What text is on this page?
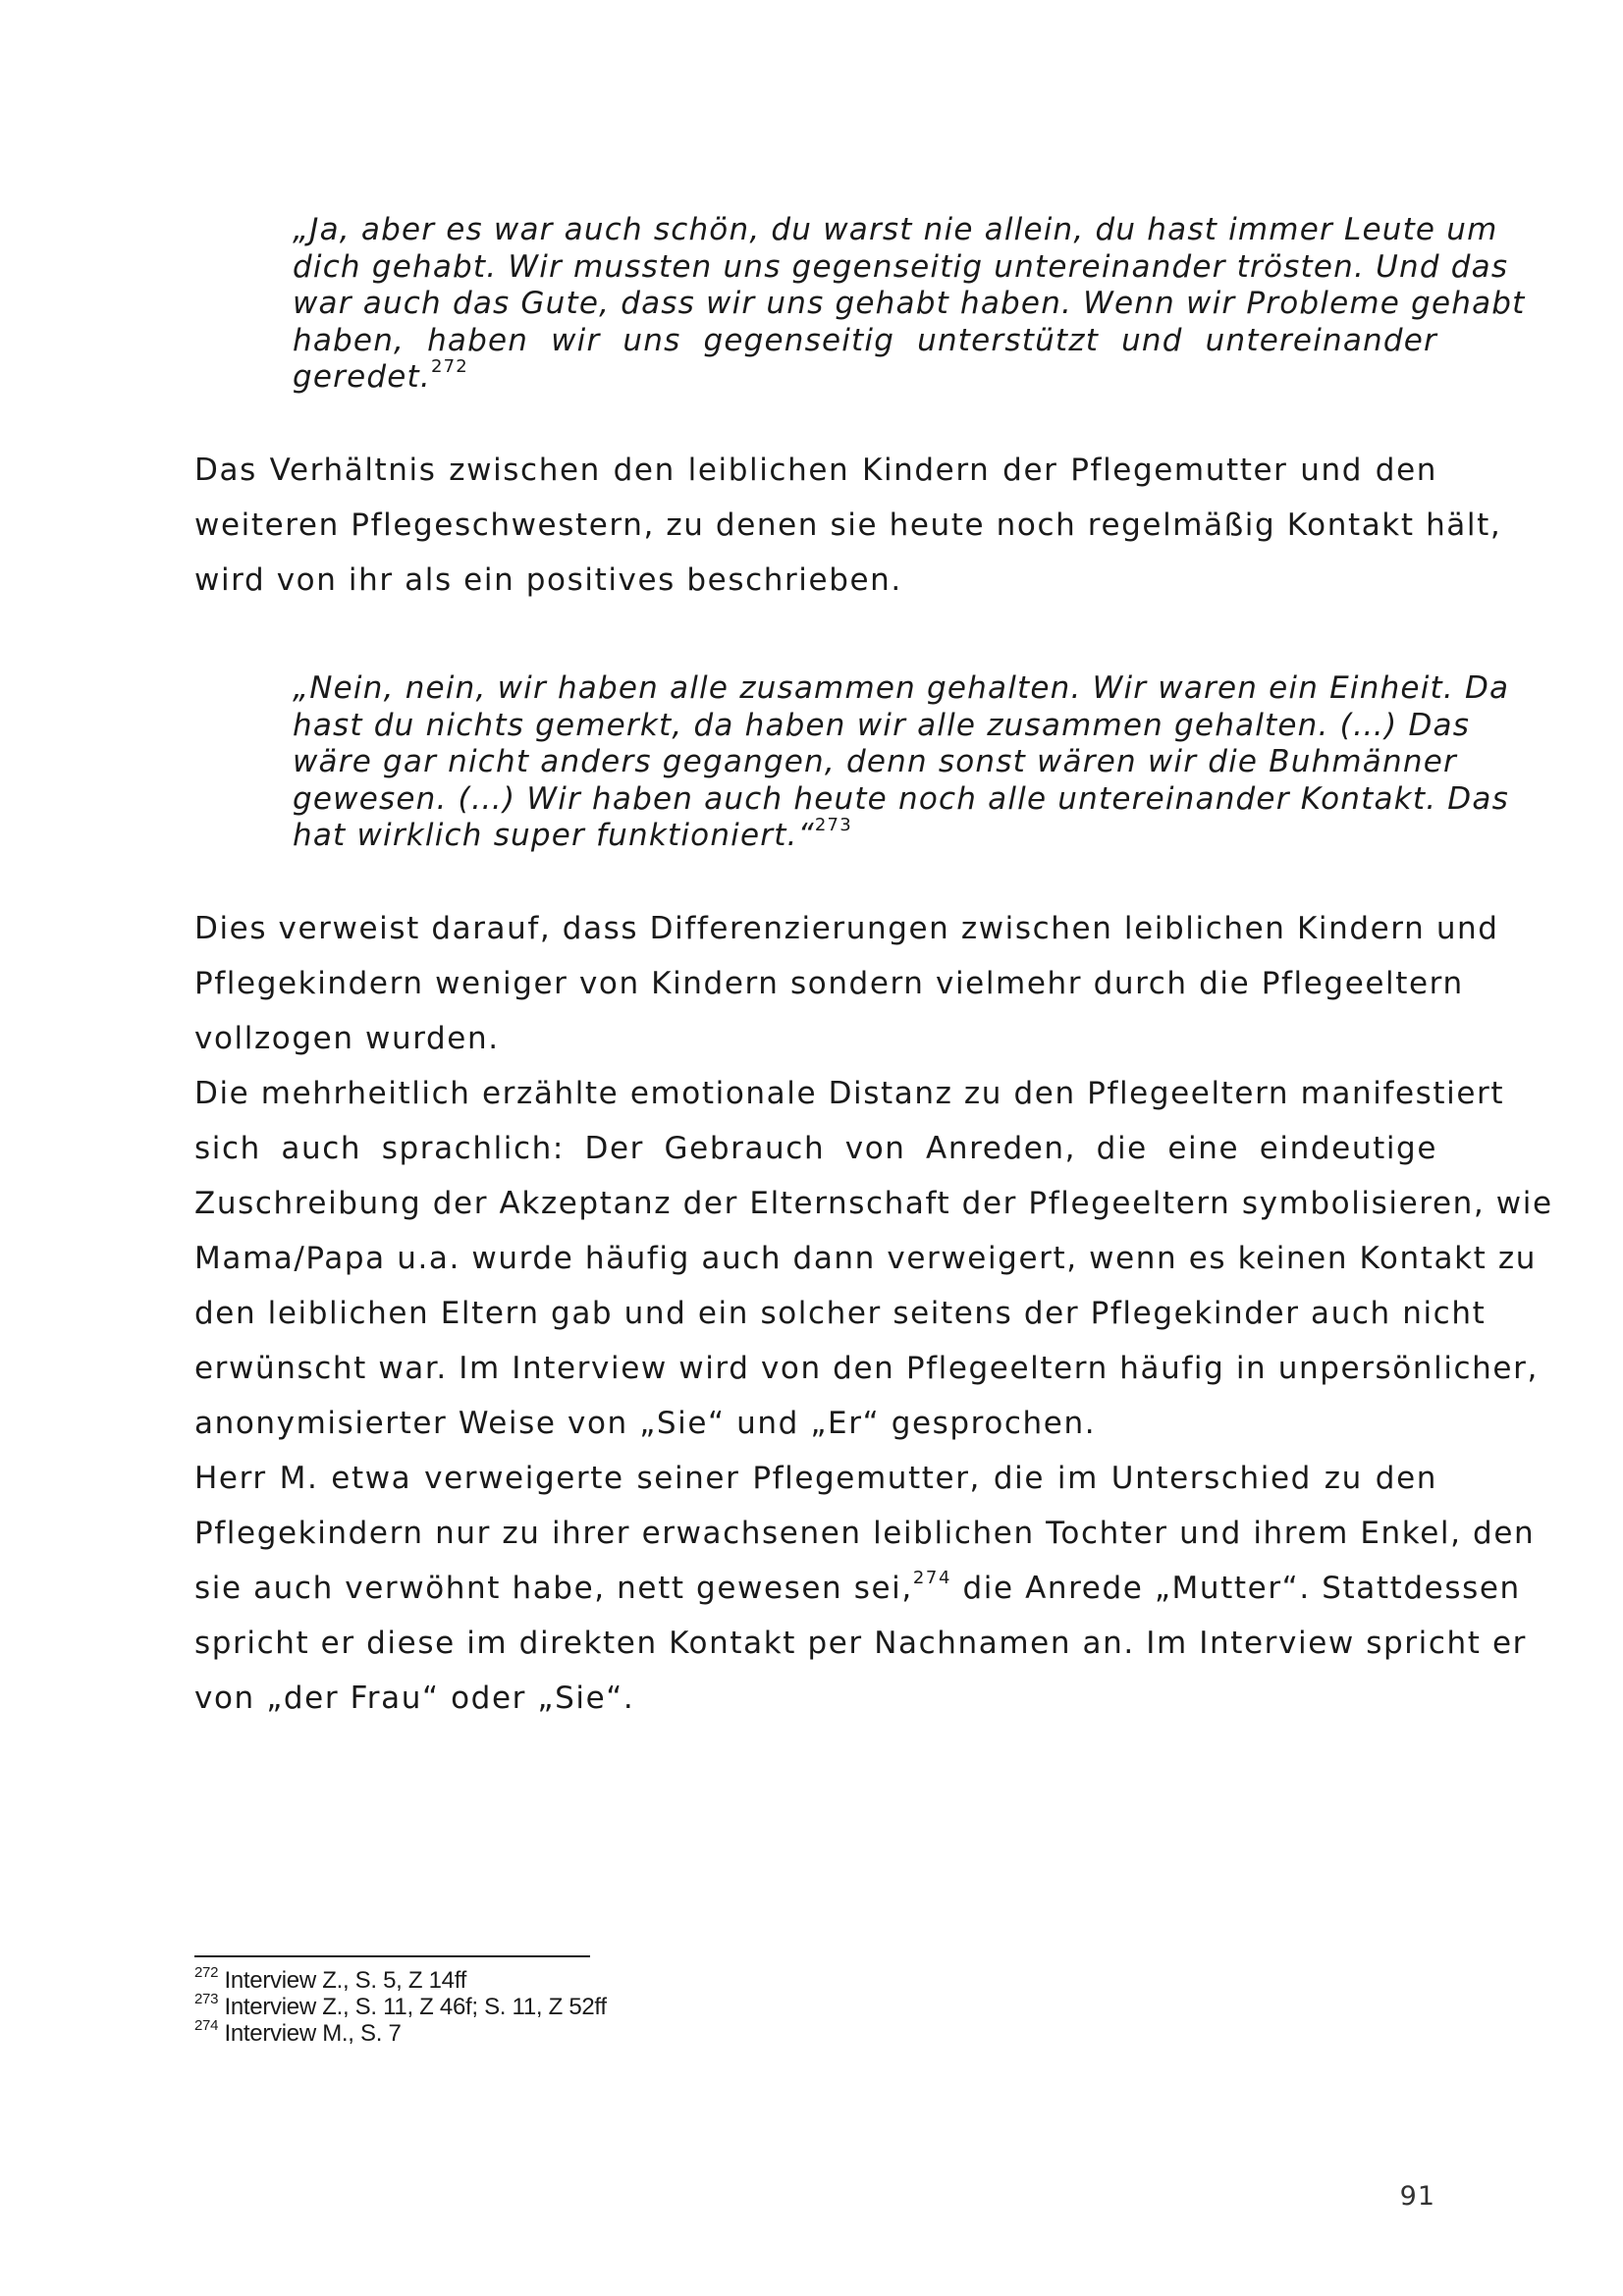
„Ja, aber es war auch schön, du warst nie allein, du hast immer Leute um
dich gehabt. Wir mussten uns gegenseitig untereinander trösten. Und das
war auch das Gute, dass wir uns gehabt haben. Wenn wir Probleme gehabt
haben, haben wir uns gegenseitig unterstützt und untereinander
geredet.$^{272}$
Das Verhältnis zwischen den leiblichen Kindern der Pflegemutter und den
weiteren Pflegeschwestern, zu denen sie heute noch regelmäßig Kontakt hält,
wird von ihr als ein positives beschrieben.
„Nein, nein, wir haben alle zusammen gehalten. Wir waren ein Einheit. Da
hast du nichts gemerkt, da haben wir alle zusammen gehalten. (…) Das
wäre gar nicht anders gegangen, denn sonst wären wir die Buhmänner
gewesen. (…) Wir haben auch heute noch alle untereinander Kontakt. Das
hat wirklich super funktioniert.“$^{273}$
Dies verweist darauf, dass Differenzierungen zwischen leiblichen Kindern und
Pflegekindern weniger von Kindern sondern vielmehr durch die Pflegeeltern
vollzogen wurden.
Die mehrheitlich erzählte emotionale Distanz zu den Pflegeeltern manifestiert
sich auch sprachlich: Der Gebrauch von Anreden, die eine eindeutige
Zuschreibung der Akzeptanz der Elternschaft der Pflegeeltern symbolisieren, wie
Mama/Papa u.a. wurde häufig auch dann verweigert, wenn es keinen Kontakt zu
den leiblichen Eltern gab und ein solcher seitens der Pflegekinder auch nicht
erwünscht war. Im Interview wird von den Pflegeeltern häufig in unpersönlicher,
anonymisierter Weise von „Sie“ und „Er“ gesprochen.
Herr M. etwa verweigerte seiner Pflegemutter, die im Unterschied zu den
Pflegekindern nur zu ihrer erwachsenen leiblichen Tochter und ihrem Enkel, den
sie auch verwöhnt habe, nett gewesen sei,$^{274}$ die Anrede „Mutter“. Stattdessen
spricht er diese im direkten Kontakt per Nachnamen an. Im Interview spricht er
von „der Frau“ oder „Sie“.
$^{272}$ Interview Z., S. 5, Z 14ff
$^{273}$ Interview Z., S. 11, Z 46f; S. 11, Z 52ff
$^{274}$ Interview M., S. 7
91
